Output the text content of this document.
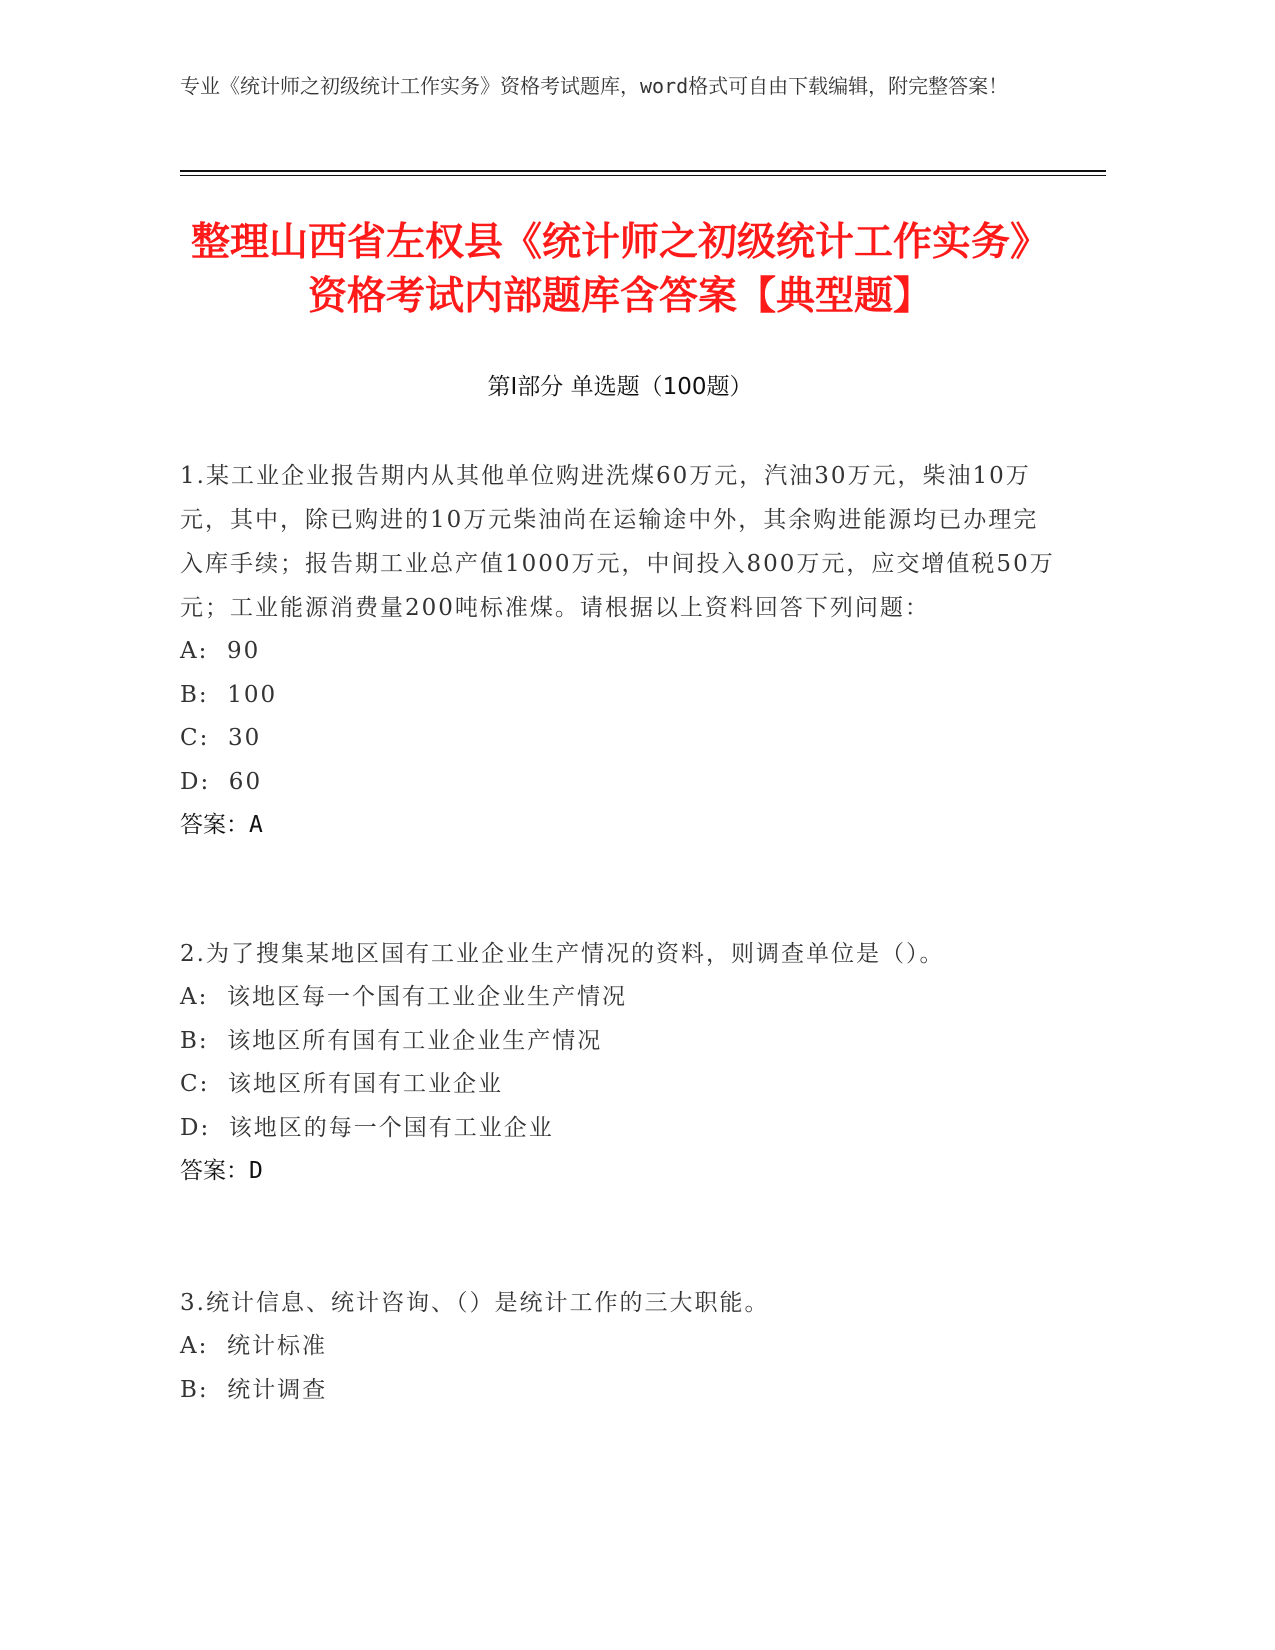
专业《统计师之初级统计工作实务》资格考试题库，word格式可自由下载编辑，附完整答案！
整理山西省左权县《统计师之初级统计工作实务》资格考试内部题库含答案【典型题】
第Ⅰ部分 单选题（100题）
1.某工业企业报告期内从其他单位购进洗煤60万元，汽油30万元，柴油10万元，其中，除已购进的10万元柴油尚在运输途中外，其余购进能源均已办理完入库手续；报告期工业总产值1000万元，中间投入800万元，应交增值税50万元；工业能源消费量200吨标准煤。请根据以上资料回答下列问题：
A:  90
B:  100
C:  30
D:  60
答案：A
2.为了搜集某地区国有工业企业生产情况的资料，则调查单位是（）。
A:  该地区每一个国有工业企业生产情况
B:  该地区所有国有工业企业生产情况
C:  该地区所有国有工业企业
D:  该地区的每一个国有工业企业
答案：D
3.统计信息、统计咨询、（）是统计工作的三大职能。
A:  统计标准
B:  统计调查
